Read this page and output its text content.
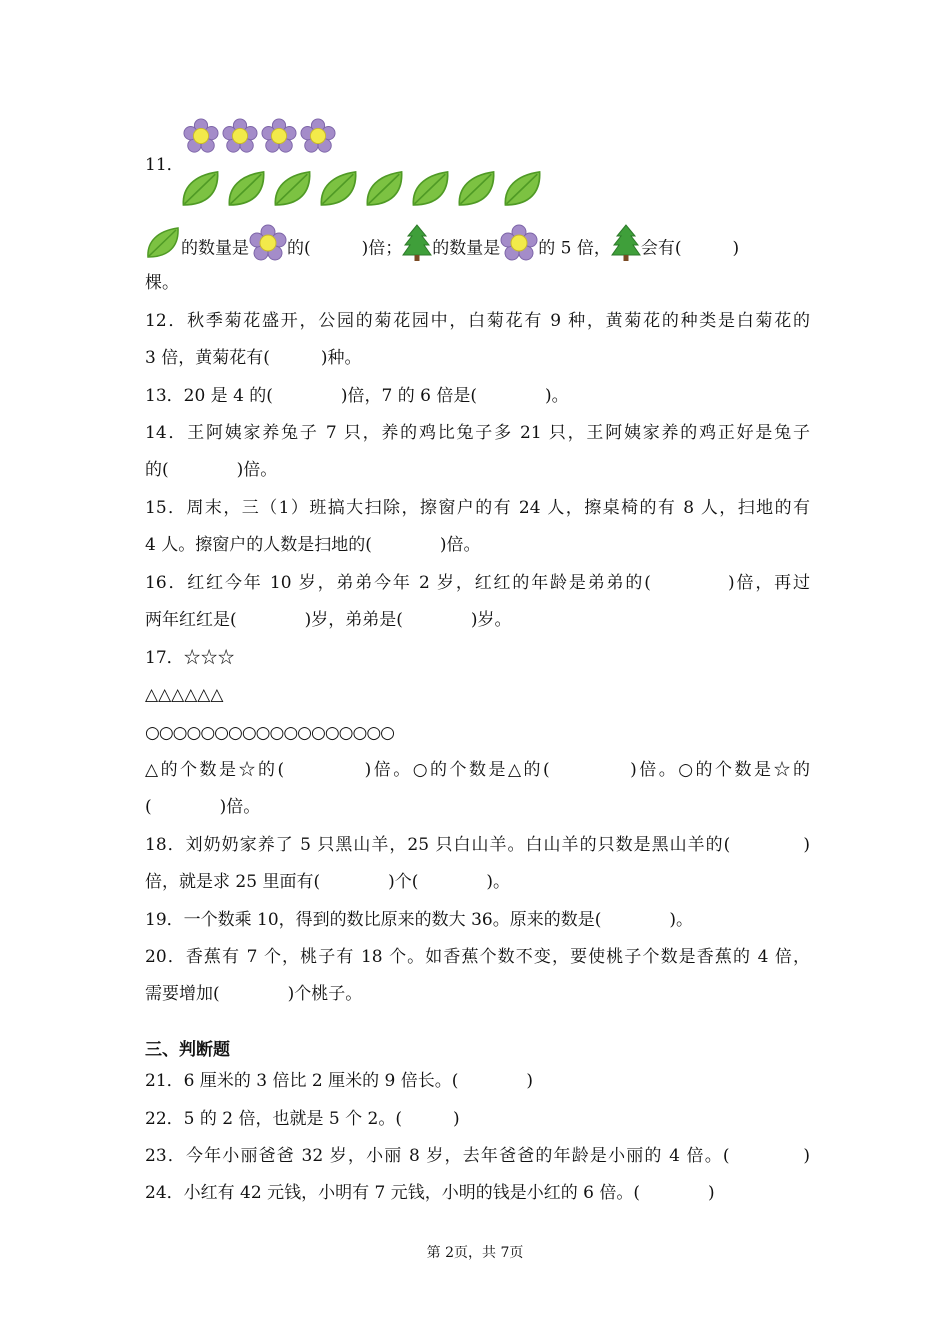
11．
的数量是 的(　　　)倍； 的数量是 的 5 倍， 会有(　　　)
棵。
12．秋季菊花盛开，公园的菊花园中，白菊花有 9 种，黄菊花的种类是白菊花的
3 倍，黄菊花有(　　　)种。
13．20 是 4 的(　　　　)倍，7 的 6 倍是(　　　　)。
14．王阿姨家养兔子 7 只，养的鸡比兔子多 21 只，王阿姨家养的鸡正好是兔子
的(　　　　)倍。
15．周末，三（1）班搞大扫除，擦窗户的有 24 人，擦桌椅的有 8 人，扫地的有
4 人。擦窗户的人数是扫地的(　　　　)倍。
16．红红今年 10 岁，弟弟今年 2 岁，红红的年龄是弟弟的(　　　　)倍，再过
两年红红是(　　　　)岁，弟弟是(　　　　)岁。
17．☆☆☆
△△△△△△
○○○○○○○○○○○○○○○○○○
△的个数是☆的(　　　　)倍。○的个数是△的(　　　　)倍。○的个数是☆的
(　　　　)倍。
18．刘奶奶家养了 5 只黑山羊，25 只白山羊。白山羊的只数是黑山羊的(　　　　)
倍，就是求 25 里面有(　　　　)个(　　　　)。
19．一个数乘 10，得到的数比原来的数大 36。原来的数是(　　　　)。
20．香蕉有 7 个，桃子有 18 个。如香蕉个数不变，要使桃子个数是香蕉的 4 倍，
需要增加(　　　　)个桃子。
三、判断题
21．6 厘米的 3 倍比 2 厘米的 9 倍长。(　　　　)
22．5 的 2 倍，也就是 5 个 2。(　　　)
23．今年小丽爸爸 32 岁，小丽 8 岁，去年爸爸的年龄是小丽的 4 倍。(　　　　)
24．小红有 42 元钱，小明有 7 元钱，小明的钱是小红的 6 倍。(　　　　)
第 2页，共 7页
